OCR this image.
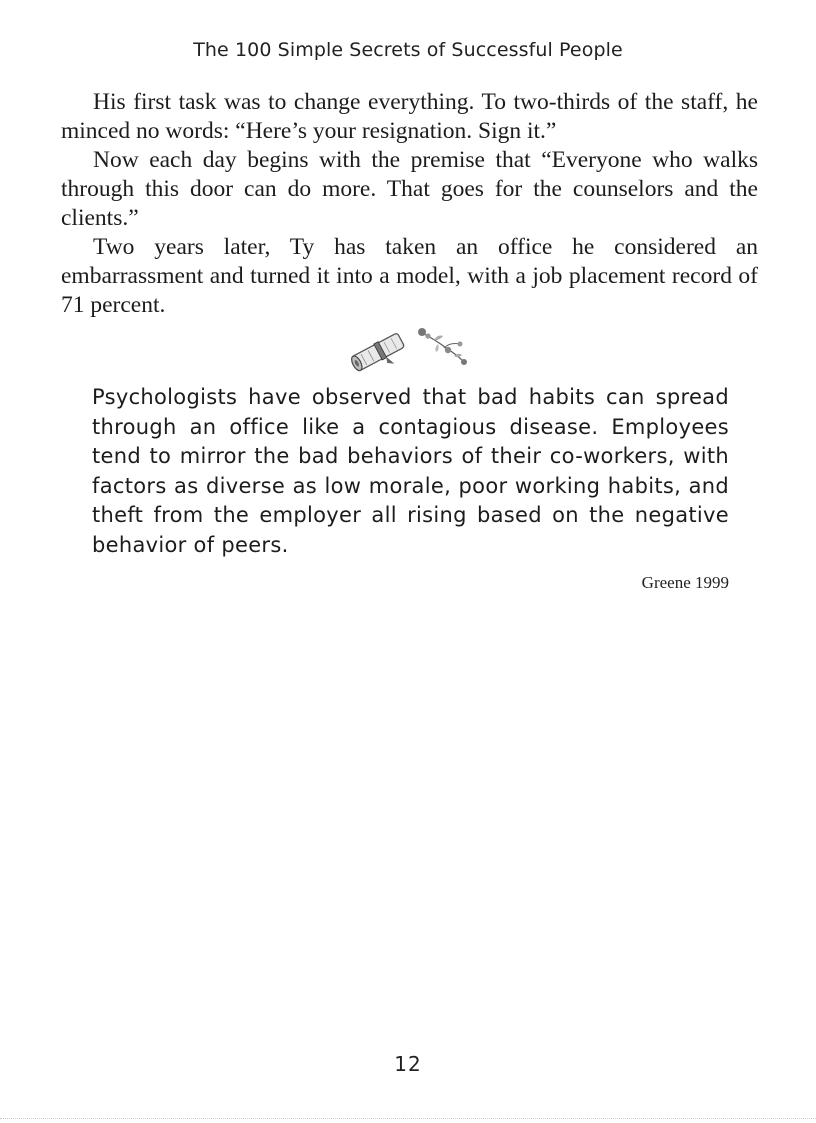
The 100 Simple Secrets of Successful People

His first task was to change everything. To two-thirds of the staff, he minced no words: “Here’s your resignation. Sign it.”

Now each day begins with the premise that “Everyone who walks through this door can do more. That goes for the counselors and the clients.”

Two years later, Ty has taken an office he considered an embarrassment and turned it into a model, with a job placement record of 71 percent.

Psychologists have observed that bad habits can spread through an office like a contagious disease. Employees tend to mirror the bad behaviors of their co-workers, with factors as diverse as low morale, poor working habits, and theft from the employer all rising based on the negative behavior of peers.

Greene 1999
12
